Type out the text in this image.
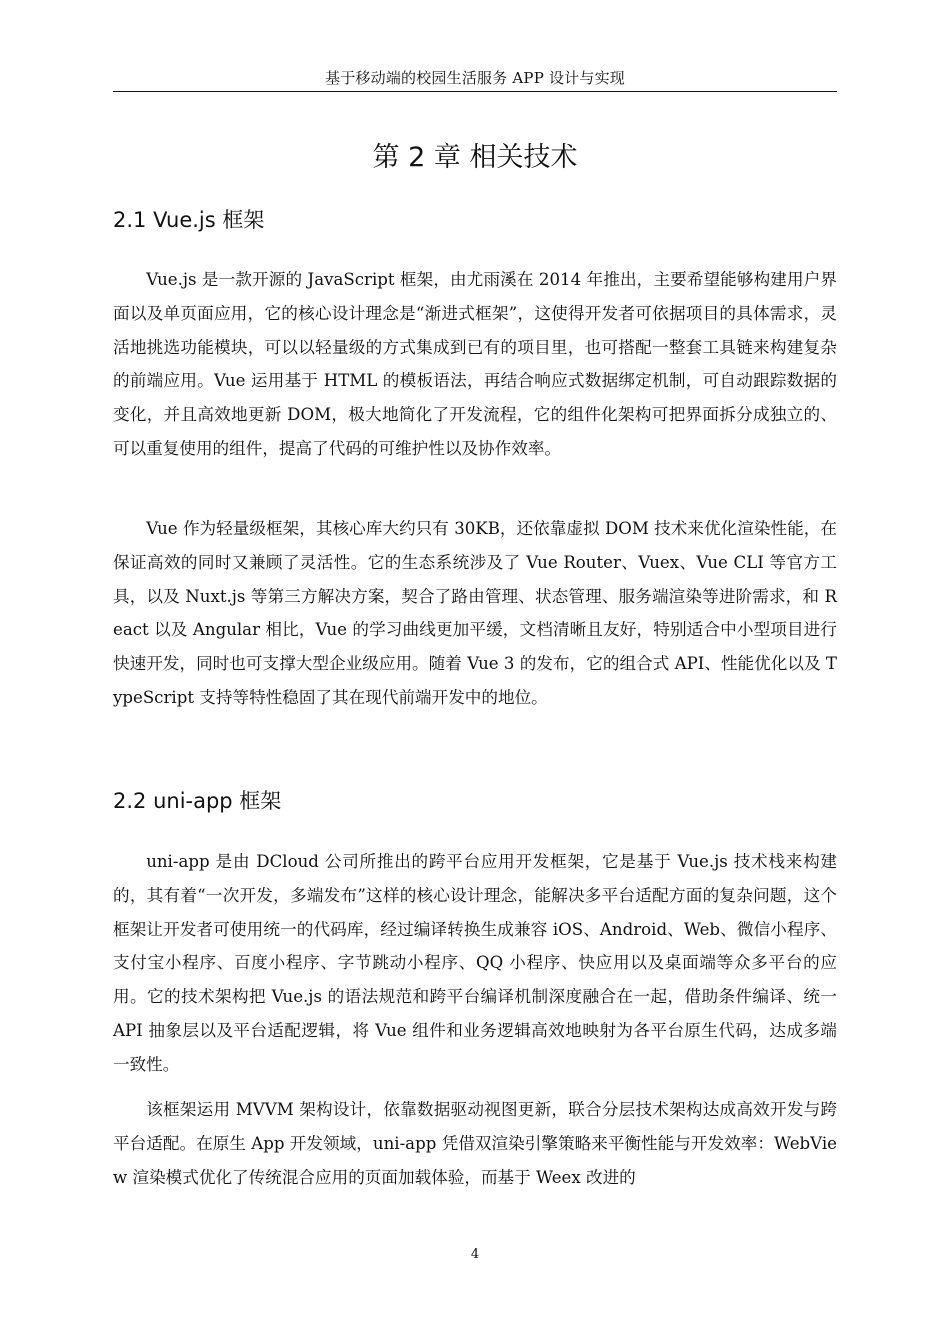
基于移动端的校园生活服务 APP 设计与实现
第 2 章 相关技术
2.1 Vue.js 框架

Vue.js 是一款开源的 JavaScript 框架，由尤雨溪在 2014 年推出，主要希望能够构建用户界面以及单页面应用，它的核心设计理念是“渐进式框架”，这使得开发者可依据项目的具体需求，灵活地挑选功能模块，可以以轻量级的方式集成到已有的项目里，也可搭配一整套工具链来构建复杂的前端应用。Vue 运用基于 HTML 的模板语法，再结合响应式数据绑定机制，可自动跟踪数据的变化，并且高效地更新 DOM，极大地简化了开发流程，它的组件化架构可把界面拆分成独立的、可以重复使用的组件，提高了代码的可维护性以及协作效率。

Vue 作为轻量级框架，其核心库大约只有 30KB，还依靠虚拟 DOM 技术来优化渲染性能，在保证高效的同时又兼顾了灵活性。它的生态系统涉及了 Vue Router、Vuex、Vue CLI 等官方工具，以及 Nuxt.js 等第三方解决方案，契合了路由管理、状态管理、服务端渲染等进阶需求，和 React 以及 Angular 相比，Vue 的学习曲线更加平缓，文档清晰且友好，特别适合中小型项目进行快速开发，同时也可支撑大型企业级应用。随着 Vue 3 的发布，它的组合式 API、性能优化以及 TypeScript 支持等特性稳固了其在现代前端开发中的地位。

2.2 uni-app 框架

uni-app 是由 DCloud 公司所推出的跨平台应用开发框架，它是基于 Vue.js 技术栈来构建的，其有着“一次开发，多端发布”这样的核心设计理念，能解决多平台适配方面的复杂问题，这个框架让开发者可使用统一的代码库，经过编译转换生成兼容 iOS、Android、Web、微信小程序、支付宝小程序、百度小程序、字节跳动小程序、QQ 小程序、快应用以及桌面端等众多平台的应用。它的技术架构把 Vue.js 的语法规范和跨平台编译机制深度融合在一起，借助条件编译、统一 API 抽象层以及平台适配逻辑，将 Vue 组件和业务逻辑高效地映射为各平台原生代码，达成多端一致性。

该框架运用 MVVM 架构设计，依靠数据驱动视图更新，联合分层技术架构达成高效开发与跨平台适配。在原生 App 开发领域，uni-app 凭借双渲染引擎策略来平衡性能与开发效率：WebView 渲染模式优化了传统混合应用的页面加载体验，而基于 Weex 改进的

4
